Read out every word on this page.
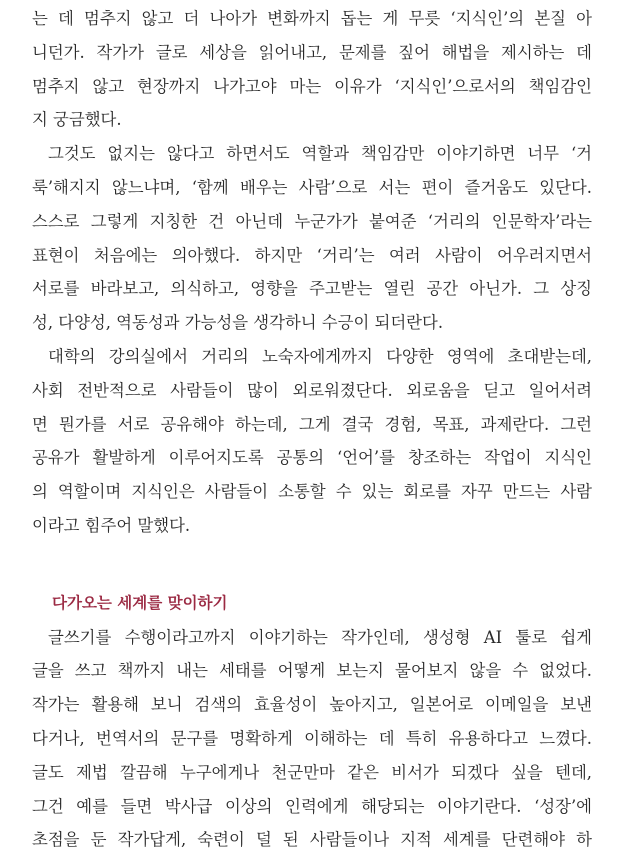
는 데 멈추지 않고 더 나아가 변화까지 돕는 게 무릇 ‘지식인’의 본질 아
니던가. 작가가 글로 세상을 읽어내고, 문제를 짚어 해법을 제시하는 데
멈추지 않고 현장까지 나가고야 마는 이유가 ‘지식인’으로서의 책임감인
지 궁금했다.
그것도 없지는 않다고 하면서도 역할과 책임감만 이야기하면 너무 ‘거
룩’해지지 않느냐며, ‘함께 배우는 사람’으로 서는 편이 즐거움도 있단다.
스스로 그렇게 지칭한 건 아닌데 누군가가 붙여준 ‘거리의 인문학자’라는
표현이 처음에는 의아했다. 하지만 ‘거리’는 여러 사람이 어우러지면서
서로를 바라보고, 의식하고, 영향을 주고받는 열린 공간 아닌가. 그 상징
성, 다양성, 역동성과 가능성을 생각하니 수긍이 되더란다.
대학의 강의실에서 거리의 노숙자에게까지 다양한 영역에 초대받는데,
사회 전반적으로 사람들이 많이 외로워졌단다. 외로움을 딛고 일어서려
면 뭔가를 서로 공유해야 하는데, 그게 결국 경험, 목표, 과제란다. 그런
공유가 활발하게 이루어지도록 공통의 ‘언어’를 창조하는 작업이 지식인
의 역할이며 지식인은 사람들이 소통할 수 있는 회로를 자꾸 만드는 사람
이라고 힘주어 말했다.
다가오는 세계를 맞이하기
글쓰기를 수행이라고까지 이야기하는 작가인데, 생성형 AI 툴로 쉽게
글을 쓰고 책까지 내는 세태를 어떻게 보는지 물어보지 않을 수 없었다.
작가는 활용해 보니 검색의 효율성이 높아지고, 일본어로 이메일을 보낸
다거나, 번역서의 문구를 명확하게 이해하는 데 특히 유용하다고 느꼈다.
글도 제법 깔끔해 누구에게나 천군만마 같은 비서가 되겠다 싶을 텐데,
그건 예를 들면 박사급 이상의 인력에게 해당되는 이야기란다. ‘성장’에
초점을 둔 작가답게, 숙련이 덜 된 사람들이나 지적 세계를 단련해야 하
